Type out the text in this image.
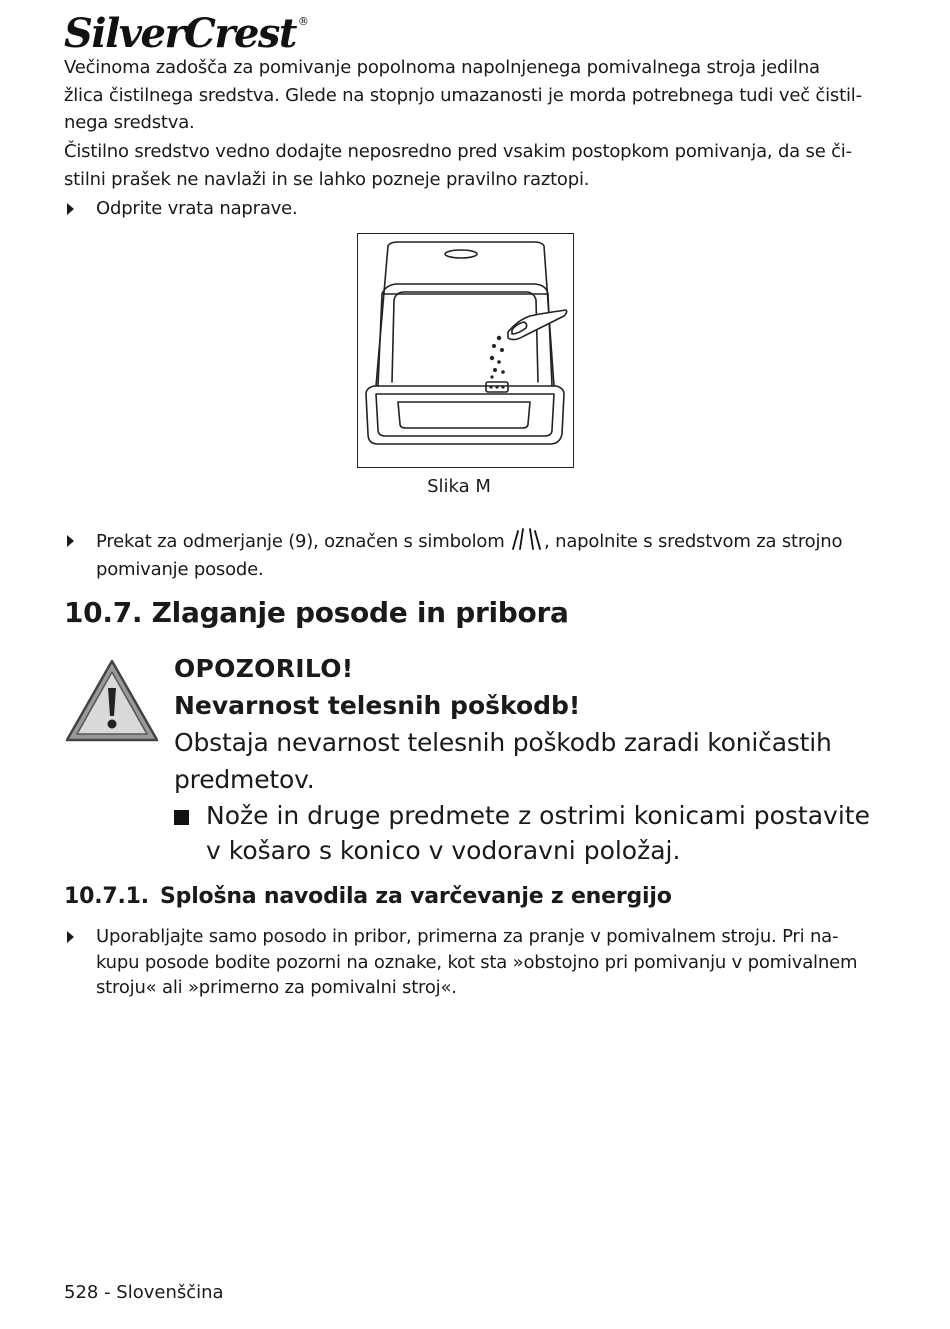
SilverCrest ®

Večinoma zadošča za pomivanje popolnoma napolnjenega pomivalnega stroja jedilna žlica čistilnega sredstva. Glede na stopnjo umazanosti je morda potrebnega tudi več čistilnega sredstva.

Čistilno sredstvo vedno dodajte neposredno pred vsakim postopkom pomivanja, da se čistilni prašek ne navlaži in se lahko pozneje pravilno raztopi.

Odprite vrata naprave.
Slika M
Prekat za odmerjanje (9), označen s simbolom , napolnite s sredstvom za strojno pomivanje posode.
10.7. Zlaganje posode in pribora
OPOZORILO!
Nevarnost telesnih poškodb!
Obstaja nevarnost telesnih poškodb zaradi koničastih predmetov.
Nože in druge predmete z ostrimi konicami postavite v košaro s konico v vodoravni položaj.
10.7.1. Splošna navodila za varčevanje z energijo
Uporabljajte samo posodo in pribor, primerna za pranje v pomivalnem stroju. Pri nakupu posode bodite pozorni na oznake, kot sta »obstojno pri pomivanju v pomivalnem stroju« ali »primerno za pomivalni stroj«.
528 - Slovenščina
